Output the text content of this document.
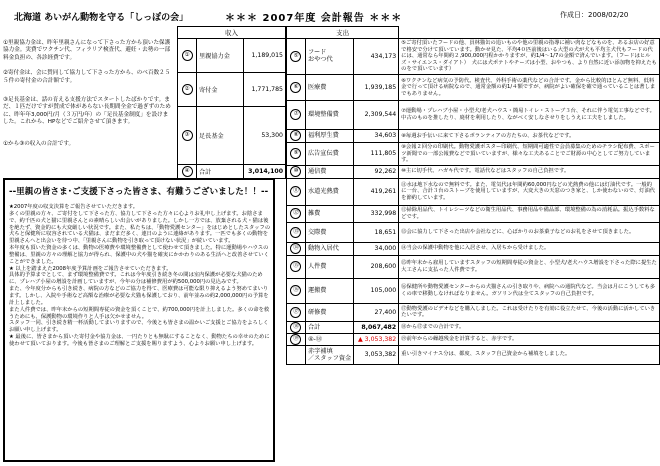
北海道 あいがん動物を守る「しっぽの会」	＊＊＊ 2007年度 会計報告 ＊＊＊	作成日：2008/02/20

①里親協力金は、昨年里親さんになって下さった方から頂いた保護協力金。実費でワクチン代、フィラリア検査代、避妊・去勢の一部料金負担の、各診経費です。

②寄付金は、会に賛同して協力して下さった方から、のべ百数２５５件の寄付金の合計額です。

③足長基金は、話の育える支援方法でスタートしたばかりです。まだ、１匹だけですが賛成で体があらない長期間全金で過ぎずのために、昨年年3,000円/月（３万円/年）の「足長基金制度」を設けました。これから、HPなどでご紹介させて頂きます。

①から③の収入の合計です。

収入		
①	里親協力金	1,189,015
②	寄付金	1,771,785
③	足長基金	53,300
④	合計	3,014,100
支出			
⑤	フード
おやつ代	434,173	⑤ご寄付頂いたフードの他、員林猫缶の追いものや他の里親の指導に補い肉などなものを、あるお店の好意で格安で分けて頂いています。動かせ見た、平均4０匹前後はいる大型の犬が犬も平均主犬代もフードの代には、通常なら年間約２,900,000円程かかりますが、約1/4〜1/7の金額で済んでいます。（フードはヒルズ・サイエンス・ダイアト）　犬には犬ポテトやチーズは小型、おやつも、より自然に近い添加物を抑えたものをで頂いています）
⑥	医療費	1,939,185	⑥ワクチンなど病気の予防代。検査代、外科手術の薬代などの合計です。金から比較的ほとんど無料、低料金で行って頂ける病院なので、通常金額の約1/４額ですが、病院がよい確保を確で通っていることは著しまでもありません。
⑦	環境整備費	2,309,544	⑦運動場・プレハブ小屋・小型犬/老犬ハウス・簡易トイレ・ストーブ３台、それに伴う電気工事などです。中古のものを推したり、廃材を利用したり、ながべく安しなさせりをしうえに工夫をしました。
⑧	福利厚生費	34,603	⑧毎週お手伝いに来て下さるボランティアの方たちの、お茶代などです。
⑨	広告宣伝費	111,805	⑨会報２回分の印刷代。動物愛護ポスター印刷代、短期間可適性で会員募集のためのチラシ配布費、スポーツ新聞での一部公報費などで頂いていますが、様々な工夫あることでご財源の中心としてご努力しています。
⑩	通信費	92,262	⑩主に切手代、ハガキ代です。電話代などはスタッフの自己負担です。
⑪	水道光熱費	419,261	⑪水は地下水なので無料です。また、電気代は年間約60,000円などの光熱費の他には灯油代です。一般的に一台、合計３台のストーブを使用していますが、大変大きの天窓のつき家と、しか使わないので、灯油代を節約しています。
⑫	雑費	332,998	⑫掃除用品代、トイレシーツなどの衛生用品代、事務用品や備品部、環境整備の為の消耗品。振込手数料などです。
⑬	交際費	18,651	⑬会に協力して下さった出店や会社などに、心ばかりのお茶菓子などのお礼をさせて頂きました。
⑭	動物入居代	34,000	⑭当会の保護中動物を他に入居させ、入居ちから受けました。
⑮	人件費	208,600	⑮昨年末から雇用していますスタッフの短期間専従の資金と、小型犬/老犬ハウス増設を下さった際に提生た大工さんに支払った人件費です。
⑯	運搬費	105,000	⑯保健所や動物愛護センターからの犬猫さんの引き取りや、病院への通院代など。当会は月にこうしても多くの車で移動しなければなりません。ガソリン代は全てスタッフの自己負担です。
⑰	研修費	27,400	⑰動物愛護のビデオなどを購入しました。これは受けたりを有効に役立たせて、今後の活動に活かしていきたいです。
⑱	合計	8,067,482	⑱から⑰までの合計です。
⑲	④-⑱	▲ 3,053,382	⑲前年からの繰越残金を計算すると、赤字です。
	赤字補填
／スタッフ資金	3,053,382	重い引きマイナス分は、都度、スタッフ自己資金から補填をしました。
--里親の皆さま･ご支援下さった皆さま、有難うございました！！--

★2007年度の収支決算をご報告させていただきます。

多くの里親の方々、ご寄付をして下さった方、協力して下さった方々に心よりお礼申し上げます。お陰さまで、約千匹の犬と猫に里親さんとの素晴らしい出会いがありました。しかし一方では、放棄される犬・猫は後を絶たず、資金的にも大変厳しい状況です。また、私たちは、「動物愛護センター」をはじめとしたスタッフの犬ちと保健所に収容されている犬猫は、まだまだ多く、連日のように連絡があります。一匹でも多くの動物を里親さんへと出会いを待つ中、「里親さんに動物を引き取って頂けない状況」が続いています。

本年度も頂いた資金の多くは、動物の医療費や環境整備費として使わせて頂きました。特に運動場やハウスの整備は、里親の方々の理解と協力が得られ、保護中の犬や猫を確実にかかわりのある生活へと改善させていくことができました。

★ 以上を踏まえた2008年度予算計画をご報告させていただきます。

具体的予算までとして、まず環境整備費です。これは今年度引き続き冬の間は室内保護が必要な犬猫のために、プレハブ小屋の増設を計画していますが、今年の分は補修費用が約500,000円の見込みです。

また、今年度分からも引き続き、病院の方などのご協力を得て、医療費は可能な限り抑えるよう努めてまいります。しかし、入院や手術など高額な治療が必要な犬猫も保護しており、前年並みの約2,000,000円の予算を計上しました。

また人件費では、昨年末からの短期間専従の資金を頂くことで、約700,000円を計上しました。多くの命を救うためにも、保護動物の環境作りと人手は欠かせません。

スタッフ一同、引き続き精一杯活動してまいりますので、今後とも皆さまの温かいご支援とご協力をよろしくお願い申し上げます。

★ 最後に、皆さまから頂いた寄付金や協力金は、一円たりとも無駄にすることなく、動物たちの幸せのために使わせて頂いております。今後も皆さまのご理解とご支援を賜りますよう、心よりお願い申し上げます。
